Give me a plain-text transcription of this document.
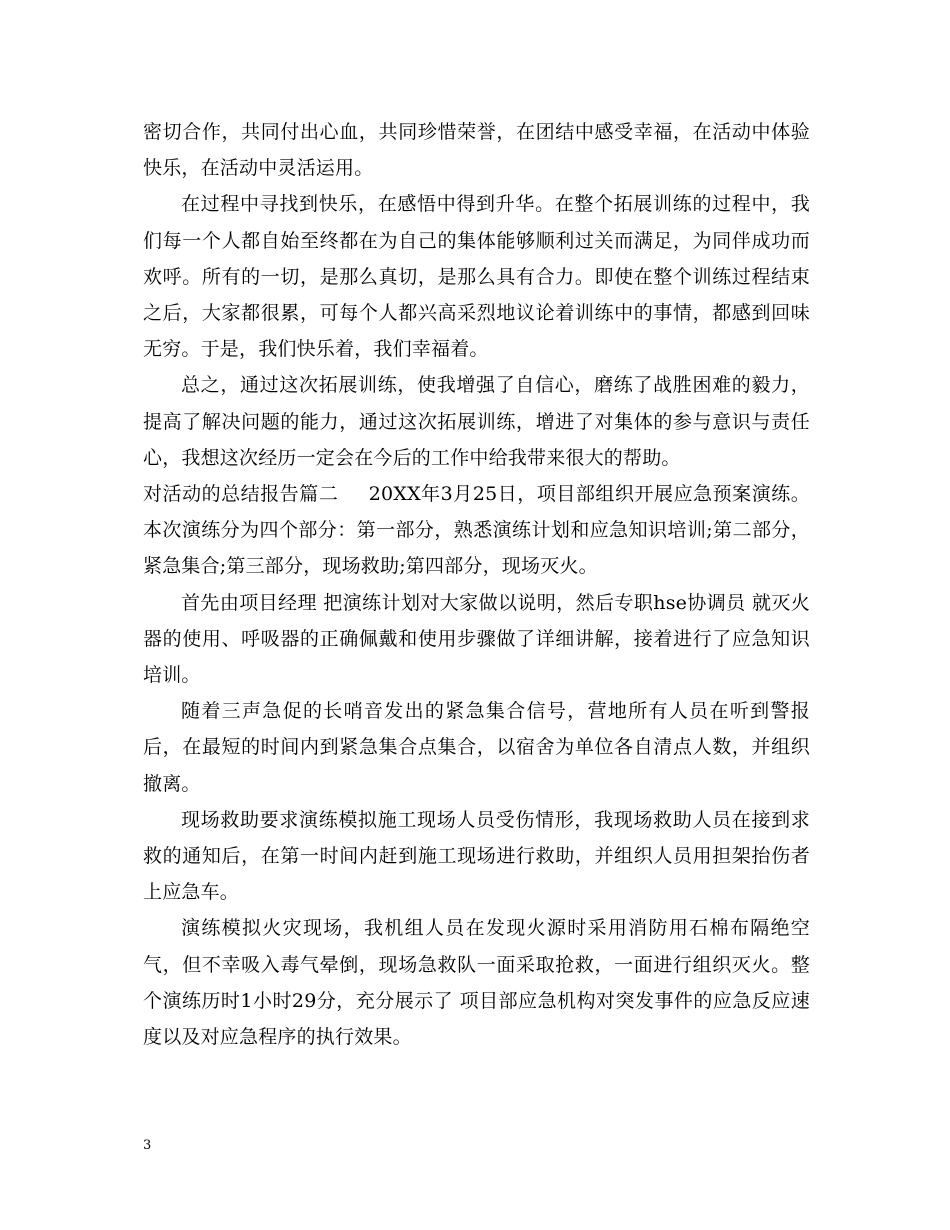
密切合作，共同付出心血，共同珍惜荣誉，在团结中感受幸福，在活动中体验快乐，在活动中灵活运用。

在过程中寻找到快乐，在感悟中得到升华。在整个拓展训练的过程中，我们每一个人都自始至终都在为自己的集体能够顺利过关而满足，为同伴成功而欢呼。所有的一切，是那么真切，是那么具有合力。即使在整个训练过程结束之后，大家都很累，可每个人都兴高采烈地议论着训练中的事情，都感到回味无穷。于是，我们快乐着，我们幸福着。

总之，通过这次拓展训练，使我增强了自信心，磨练了战胜困难的毅力，提高了解决问题的能力，通过这次拓展训练，增进了对集体的参与意识与责任心，我想这次经历一定会在今后的工作中给我带来很大的帮助。

对活动的总结报告篇二 20XX年3月25日，项目部组织开展应急预案演练。本次演练分为四个部分：第一部分，熟悉演练计划和应急知识培训;第二部分，紧急集合;第三部分，现场救助;第四部分，现场灭火。

首先由项目经理 把演练计划对大家做以说明，然后专职hse协调员 就灭火器的使用、呼吸器的正确佩戴和使用步骤做了详细讲解，接着进行了应急知识培训。

随着三声急促的长哨音发出的紧急集合信号，营地所有人员在听到警报后，在最短的时间内到紧急集合点集合，以宿舍为单位各自清点人数，并组织撤离。

现场救助要求演练模拟施工现场人员受伤情形，我现场救助人员在接到求救的通知后，在第一时间内赶到施工现场进行救助，并组织人员用担架抬伤者上应急车。

演练模拟火灾现场，我机组人员在发现火源时采用消防用石棉布隔绝空气，但不幸吸入毒气晕倒，现场急救队一面采取抢救，一面进行组织灭火。整个演练历时1小时29分，充分展示了 项目部应急机构对突发事件的应急反应速度以及对应急程序的执行效果。

3
